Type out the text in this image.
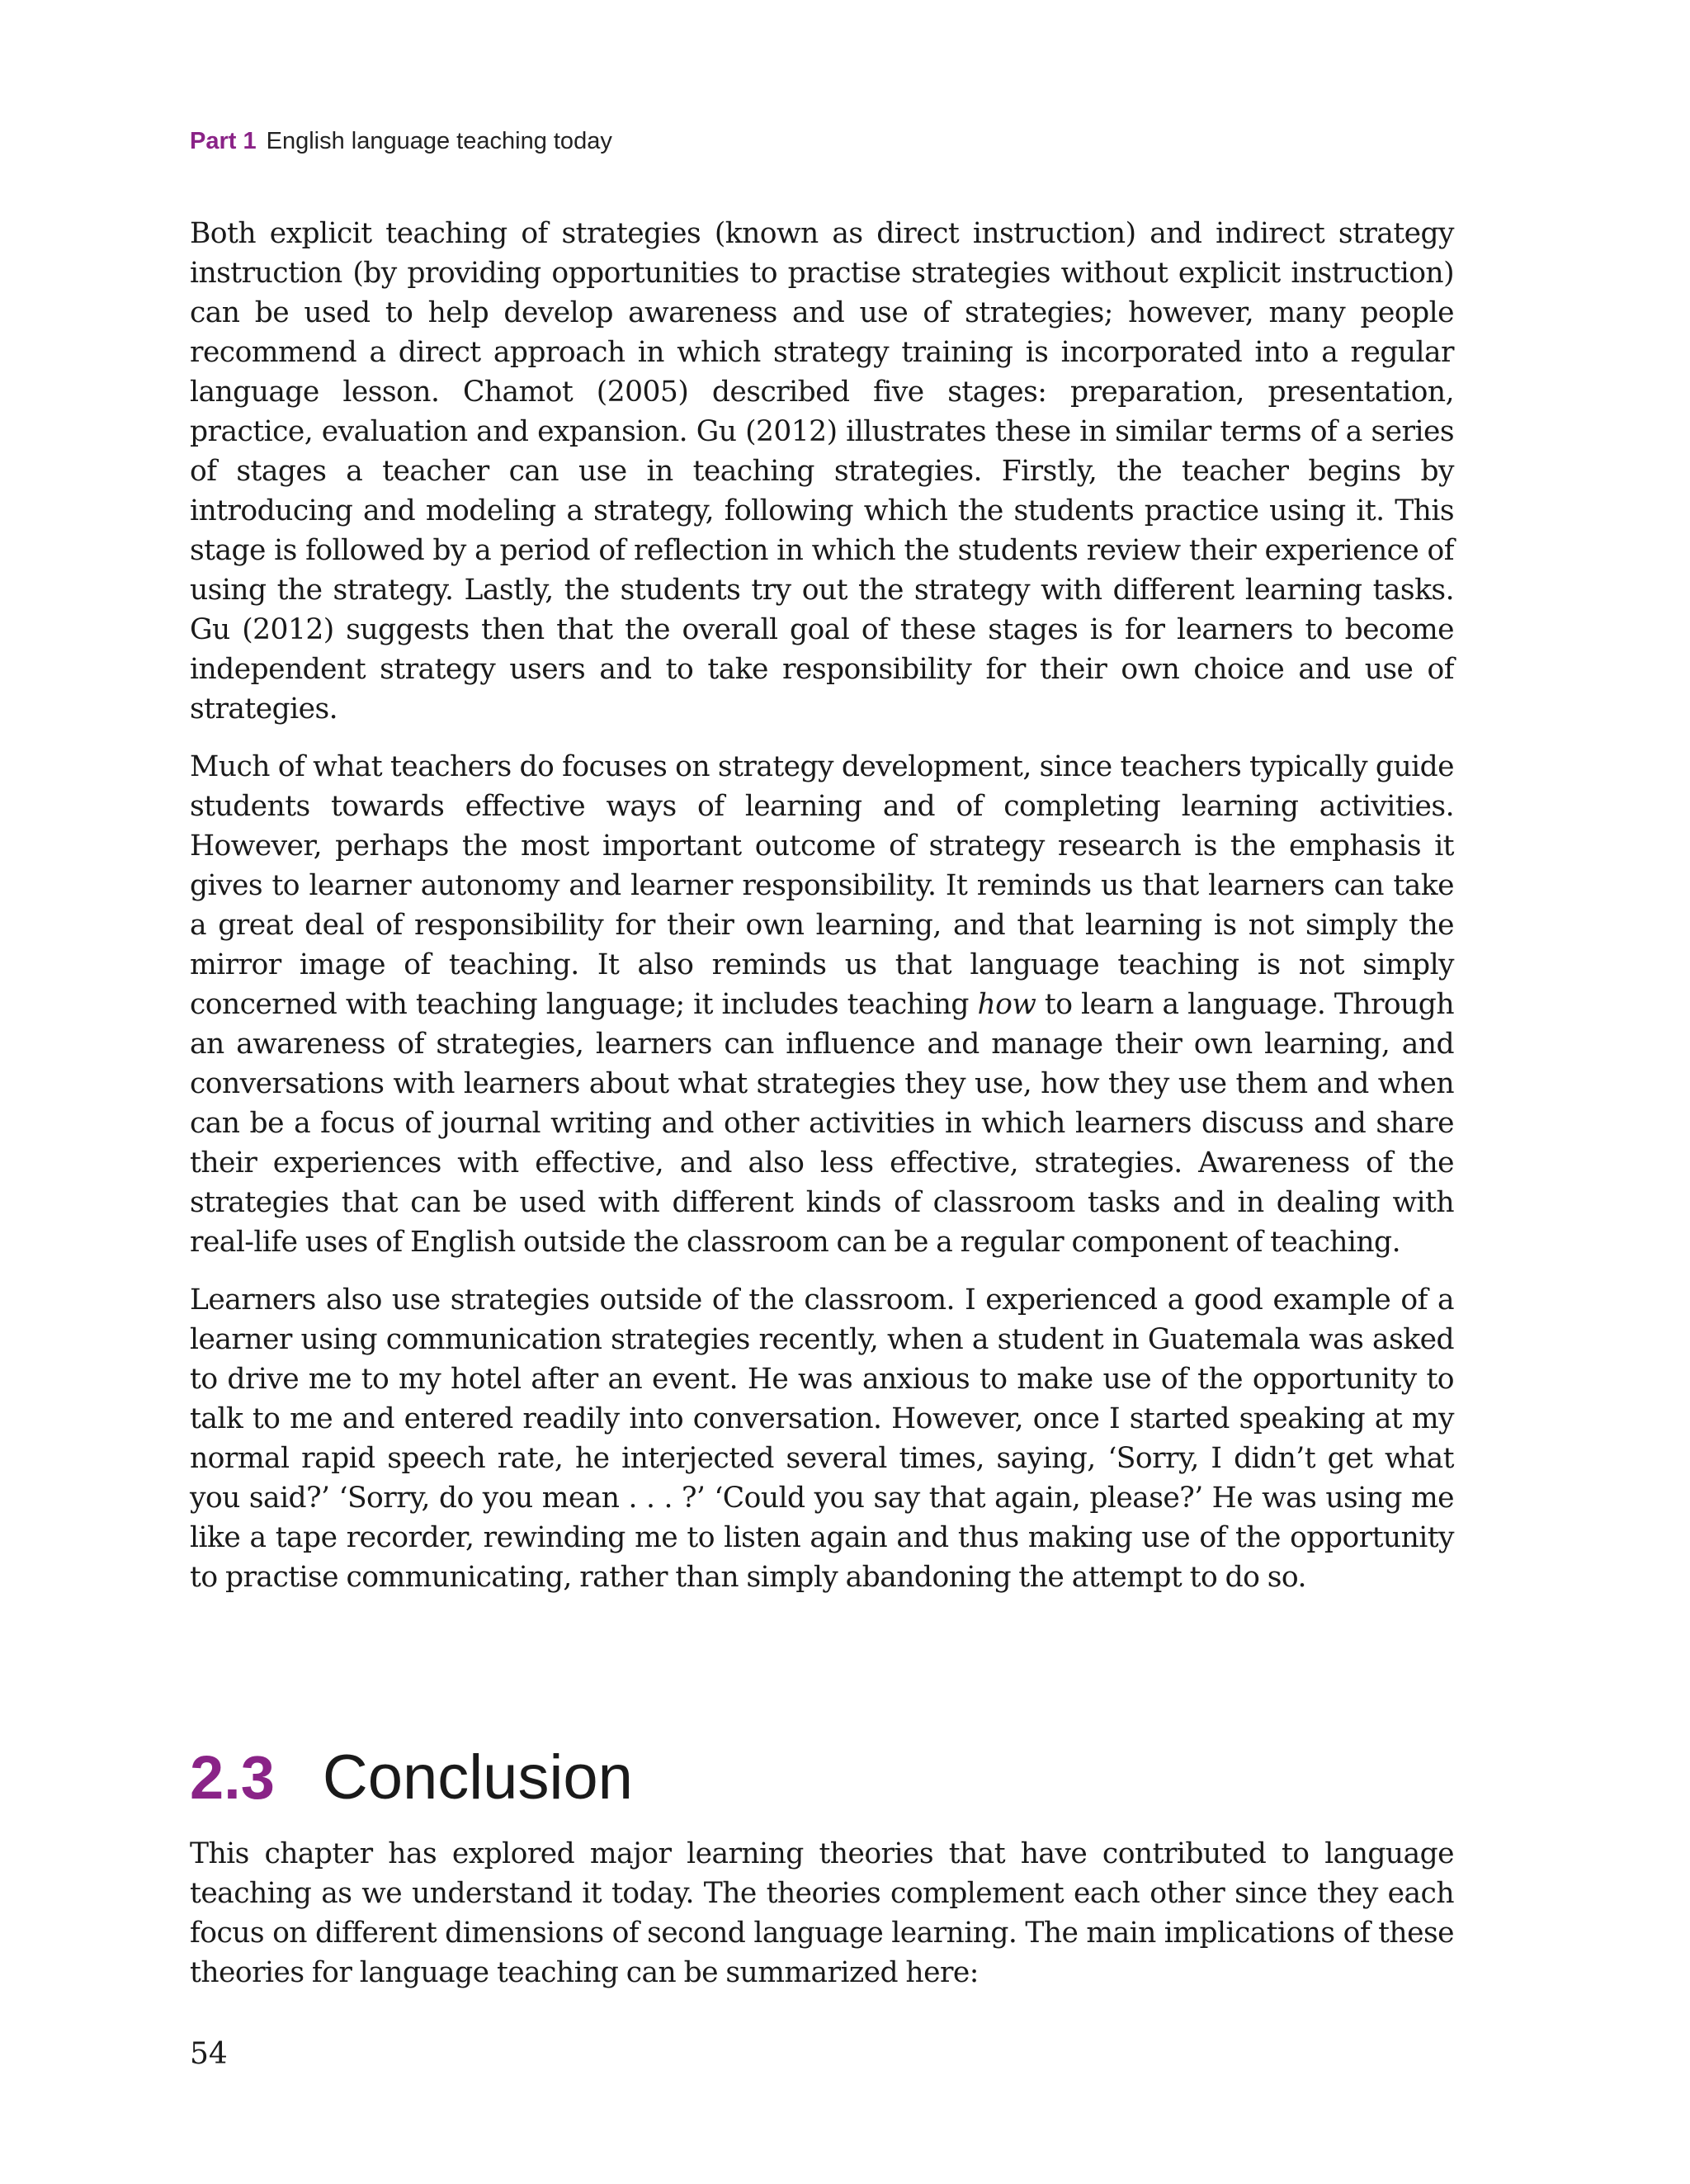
Part 1 English language teaching today

Both explicit teaching of strategies (known as direct instruction) and indirect strategy instruction (by providing opportunities to practise strategies without explicit instruction) can be used to help develop awareness and use of strategies; however, many people recommend a direct approach in which strategy training is incorporated into a regular language lesson. Chamot (2005) described five stages: preparation, presentation, practice, evaluation and expansion. Gu (2012) illustrates these in similar terms of a series of stages a teacher can use in teaching strategies. Firstly, the teacher begins by introducing and modeling a strategy, following which the students practice using it. This stage is followed by a period of reflection in which the students review their experience of using the strategy. Lastly, the students try out the strategy with different learning tasks. Gu (2012) suggests then that the overall goal of these stages is for learners to become independent strategy users and to take responsibility for their own choice and use of strategies.

Much of what teachers do focuses on strategy development, since teachers typically guide students towards effective ways of learning and of completing learning activities. However, perhaps the most important outcome of strategy research is the emphasis it gives to learner autonomy and learner responsibility. It reminds us that learners can take a great deal of responsibility for their own learning, and that learning is not simply the mirror image of teaching. It also reminds us that language teaching is not simply concerned with teaching language; it includes teaching how to learn a language. Through an awareness of strategies, learners can influence and manage their own learning, and conversations with learners about what strategies they use, how they use them and when can be a focus of journal writing and other activities in which learners discuss and share their experiences with effective, and also less effective, strategies. Awareness of the strategies that can be used with different kinds of classroom tasks and in dealing with real-life uses of English outside the classroom can be a regular component of teaching.

Learners also use strategies outside of the classroom. I experienced a good example of a learner using communication strategies recently, when a student in Guatemala was asked to drive me to my hotel after an event. He was anxious to make use of the opportunity to talk to me and entered readily into conversation. However, once I started speaking at my normal rapid speech rate, he interjected several times, saying, ‘Sorry, I didn’t get what you said?’ ‘Sorry, do you mean . . . ?’ ‘Could you say that again, please?’ He was using me like a tape recorder, rewinding me to listen again and thus making use of the opportunity to practise communicating, rather than simply abandoning the attempt to do so.

2.3 Conclusion

This chapter has explored major learning theories that have contributed to language teaching as we understand it today. The theories complement each other since they each focus on different dimensions of second language learning. The main implications of these theories for language teaching can be summarized here:

54
